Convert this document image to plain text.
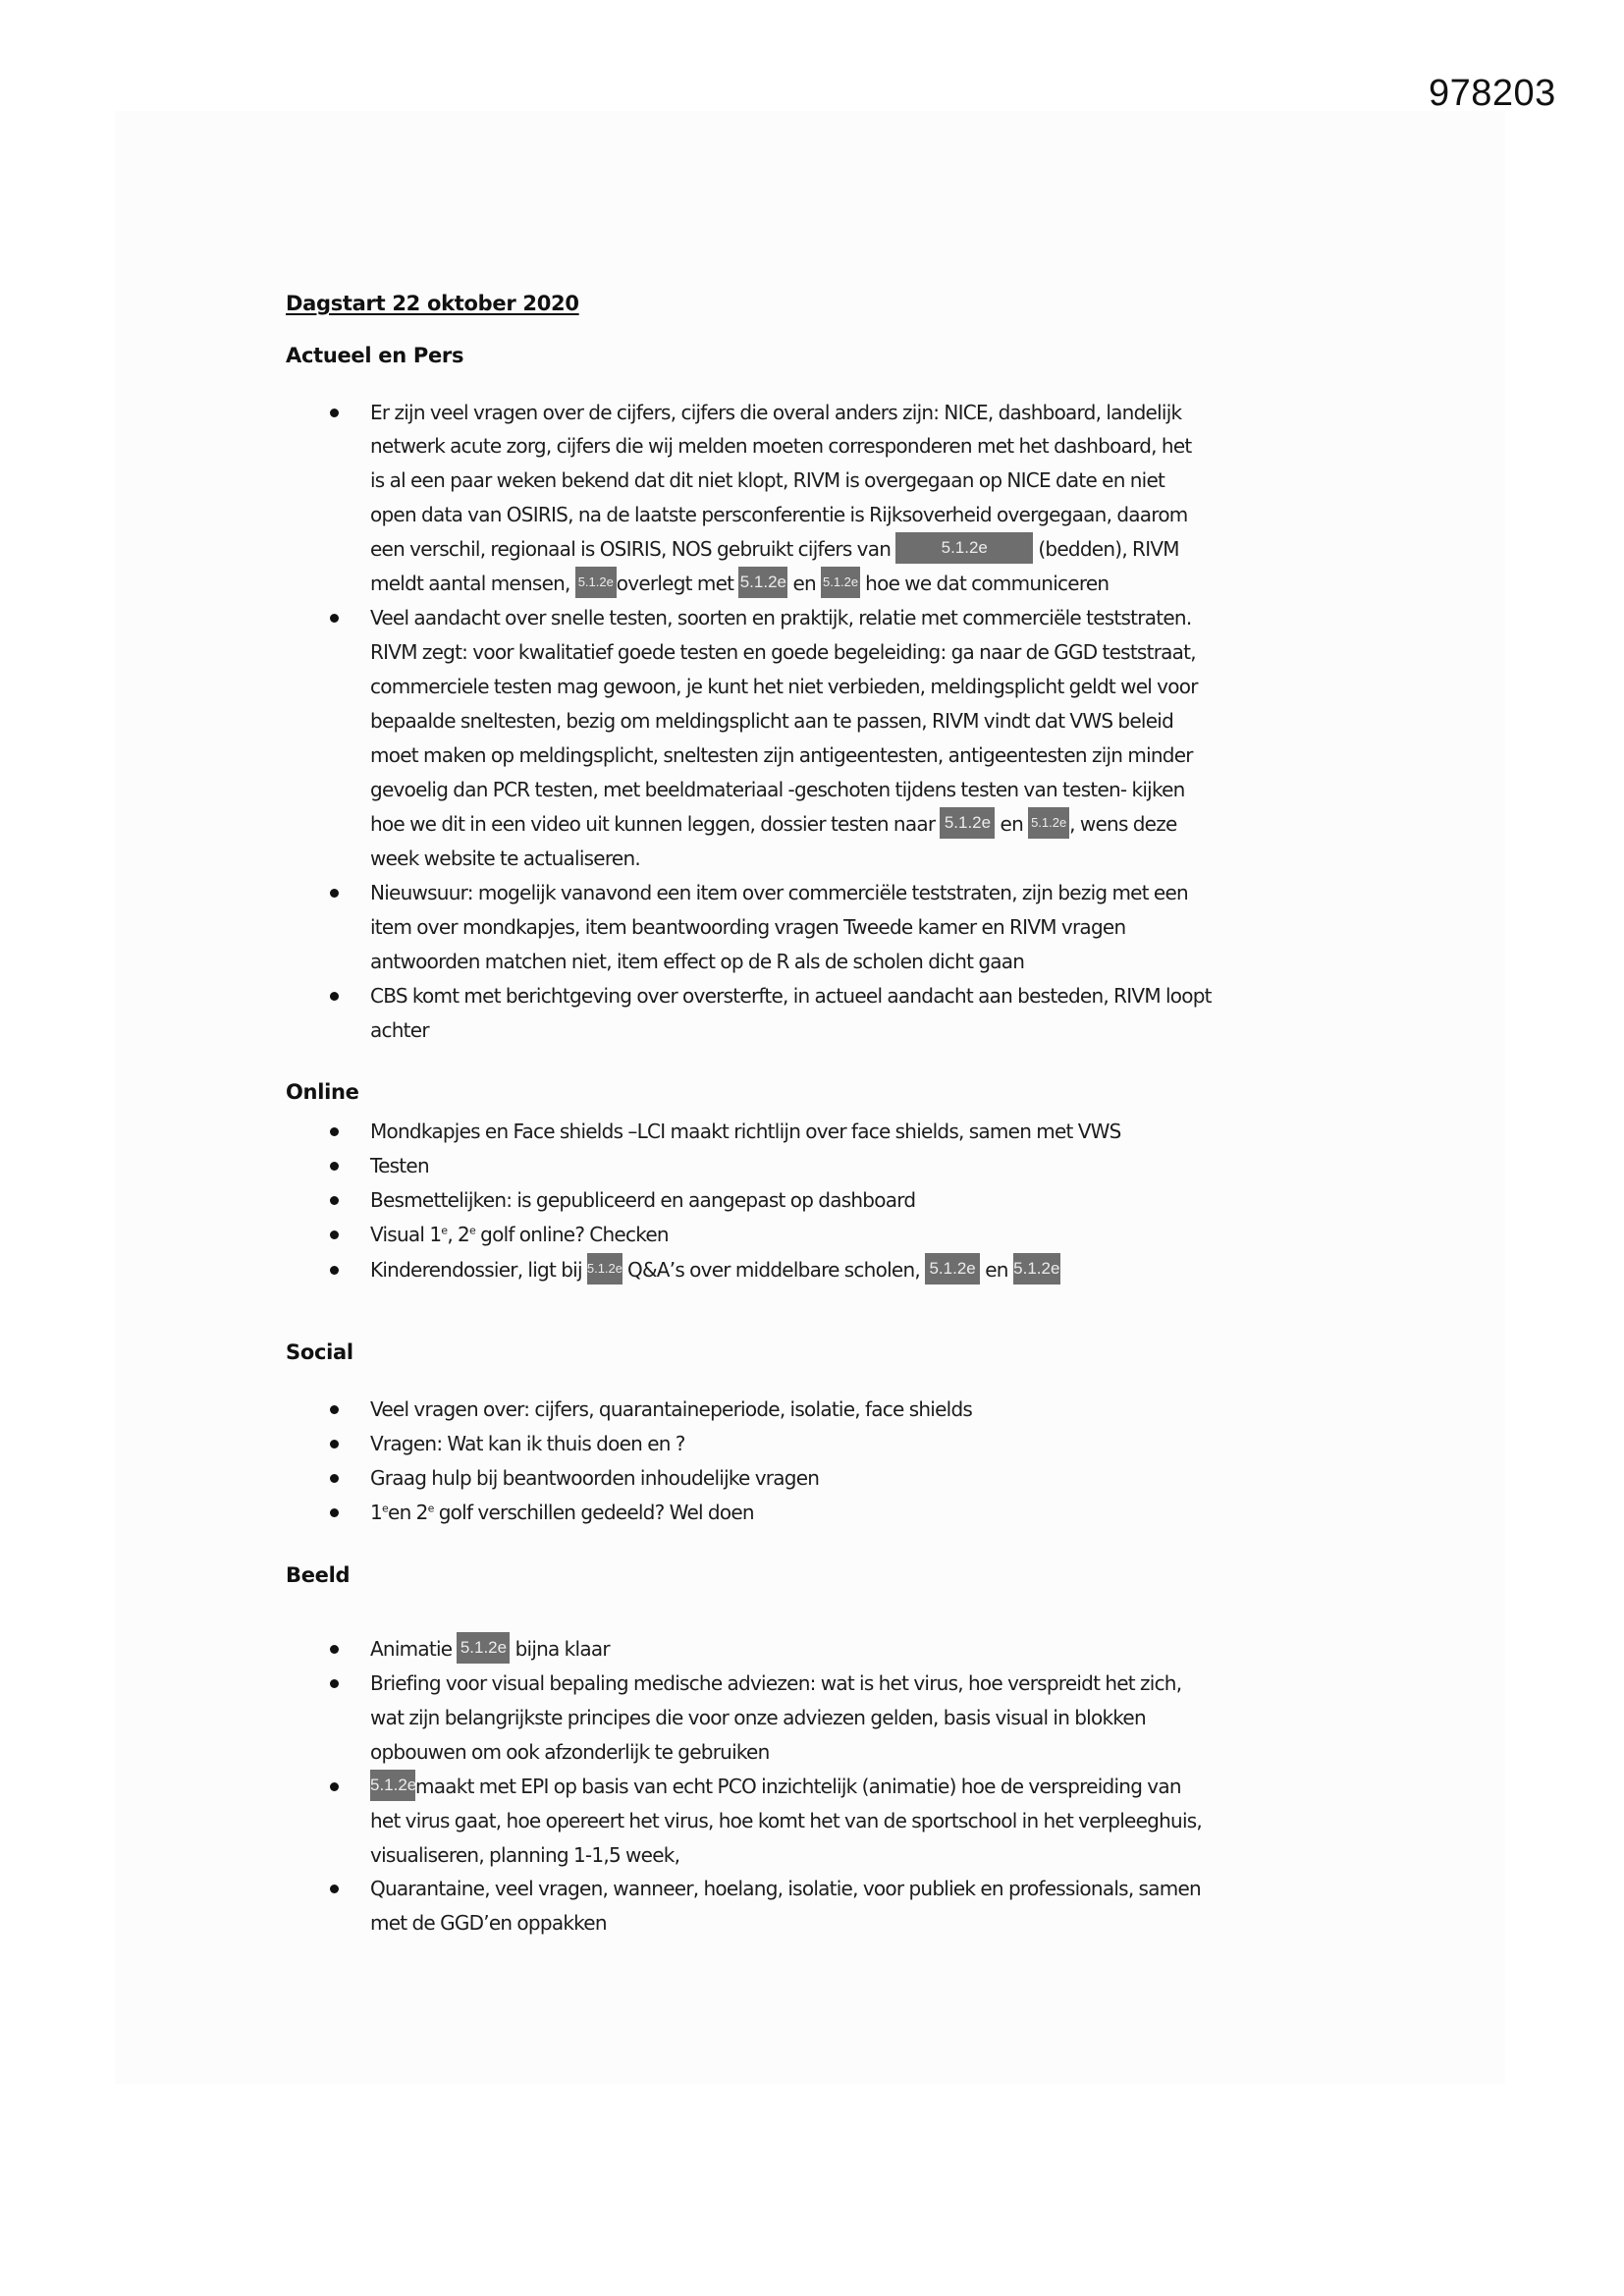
978203
Dagstart 22 oktober 2020
Actueel en Pers
Er zijn veel vragen over de cijfers, cijfers die overal anders zijn: NICE, dashboard, landelijk
netwerk acute zorg, cijfers die wij melden moeten corresponderen met het dashboard, het
is al een paar weken bekend dat dit niet klopt, RIVM is overgegaan op NICE date en niet
open data van OSIRIS, na de laatste persconferentie is Rijksoverheid overgegaan, daarom
een verschil, regionaal is OSIRIS, NOS gebruikt cijfers van	5.1.2e (bedden), RIVM
meldt aantal mensen, 5.1.2e overlegt met 5.1.2e en 5.1.2e hoe we dat communiceren
Veel aandacht over snelle testen, soorten en praktijk, relatie met commerciële teststraten.
RIVM zegt: voor kwalitatief goede testen en goede begeleiding: ga naar de GGD teststraat,
commerciele testen mag gewoon, je kunt het niet verbieden, meldingsplicht geldt wel voor
bepaalde sneltesten, bezig om meldingsplicht aan te passen, RIVM vindt dat VWS beleid
moet maken op meldingsplicht, sneltesten zijn antigeentesten, antigeentesten zijn minder
gevoelig dan PCR testen, met beeldmateriaal -geschoten tijdens testen van testen- kijken
hoe we dit in een video uit kunnen leggen, dossier testen naar 5.1.2e en 5.1.2e , wens deze
week website te actualiseren.
Nieuwsuur: mogelijk vanavond een item over commerciële teststraten, zijn bezig met een
item over mondkapjes, item beantwoording vragen Tweede kamer en RIVM vragen
antwoorden matchen niet, item effect op de R als de scholen dicht gaan
CBS komt met berichtgeving over oversterfte, in actueel aandacht aan besteden, RIVM loopt
achter
Online
Mondkapjes en Face shields –LCI maakt richtlijn over face shields, samen met VWS
Testen
Besmettelijken: is gepubliceerd en aangepast op dashboard
Visual 1e, 2e golf online? Checken
Kinderendossier, ligt bij 5.1.2e Q&A’s over middelbare scholen, 5.1.2e en 5.1.2e
Social
Veel vragen over: cijfers, quarantaineperiode, isolatie, face shields
Vragen: Wat kan ik thuis doen en ?
Graag hulp bij beantwoorden inhoudelijke vragen
1een 2e golf verschillen gedeeld? Wel doen
Beeld
Animatie 5.1.2e bijna klaar
Briefing voor visual bepaling medische adviezen: wat is het virus, hoe verspreidt het zich,
wat zijn belangrijkste principes die voor onze adviezen gelden, basis visual in blokken
opbouwen om ook afzonderlijk te gebruiken
5.1.2emaakt met EPI op basis van echt PCO inzichtelijk (animatie) hoe de verspreiding van
het virus gaat, hoe opereert het virus, hoe komt het van de sportschool in het verpleeghuis,
visualiseren, planning 1-1,5 week,
Quarantaine, veel vragen, wanneer, hoelang, isolatie, voor publiek en professionals, samen
met de GGD’en oppakken
